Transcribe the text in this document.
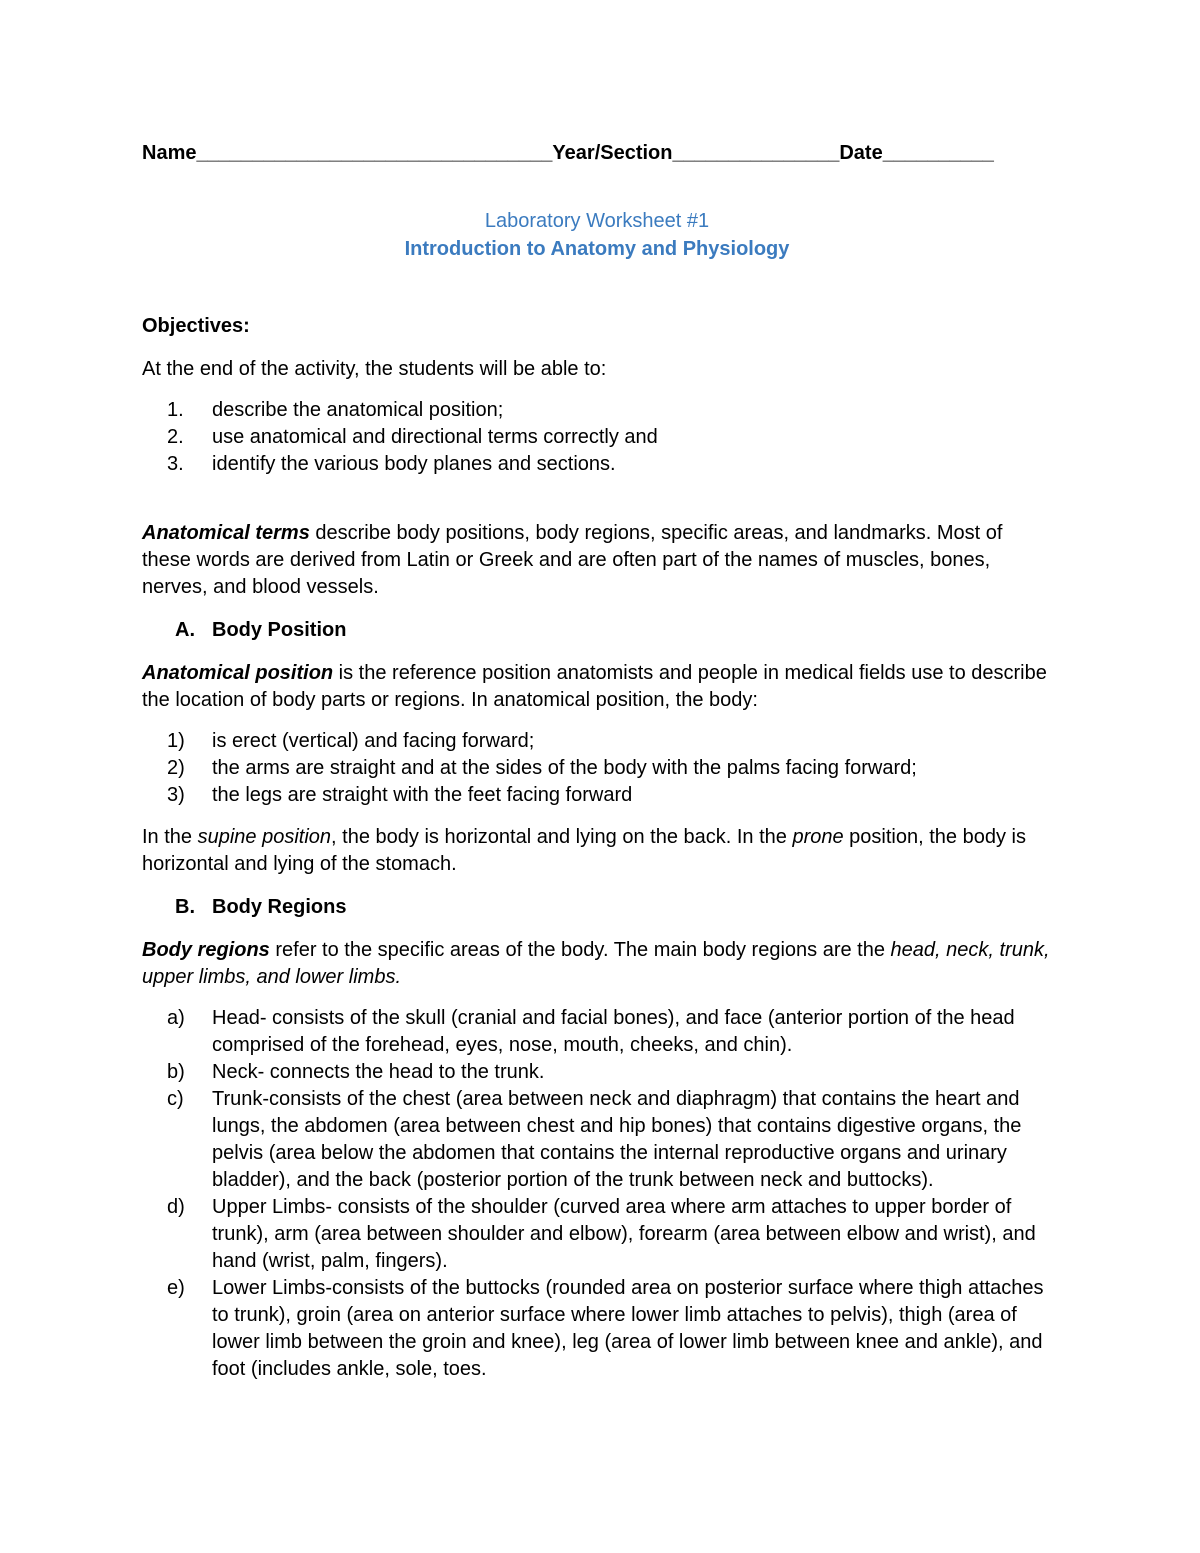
Name________________________________Year/Section_______________Date__________
Laboratory Worksheet #1
Introduction to Anatomy and Physiology

Objectives:

At the end of the activity, the students will be able to:

1. describe the anatomical position;
2. use anatomical and directional terms correctly and
3. identify the various body planes and sections.

Anatomical terms describe body positions, body regions, specific areas, and landmarks. Most of these words are derived from Latin or Greek and are often part of the names of muscles, bones, nerves, and blood vessels.

A. Body Position

Anatomical position is the reference position anatomists and people in medical fields use to describe the location of body parts or regions. In anatomical position, the body:

1) is erect (vertical) and facing forward;
2) the arms are straight and at the sides of the body with the palms facing forward;
3) the legs are straight with the feet facing forward

In the supine position, the body is horizontal and lying on the back. In the prone position, the body is horizontal and lying of the stomach.

B. Body Regions

Body regions refer to the specific areas of the body. The main body regions are the head, neck, trunk, upper limbs, and lower limbs.

a) Head- consists of the skull (cranial and facial bones), and face (anterior portion of the head comprised of the forehead, eyes, nose, mouth, cheeks, and chin).
b) Neck- connects the head to the trunk.
c) Trunk-consists of the chest (area between neck and diaphragm) that contains the heart and lungs, the abdomen (area between chest and hip bones) that contains digestive organs, the pelvis (area below the abdomen that contains the internal reproductive organs and urinary bladder), and the back (posterior portion of the trunk between neck and buttocks).
d) Upper Limbs- consists of the shoulder (curved area where arm attaches to upper border of trunk), arm (area between shoulder and elbow), forearm (area between elbow and wrist), and hand (wrist, palm, fingers).
e) Lower Limbs-consists of the buttocks (rounded area on posterior surface where thigh attaches to trunk), groin (area on anterior surface where lower limb attaches to pelvis), thigh (area of lower limb between the groin and knee), leg (area of lower limb between knee and ankle), and foot (includes ankle, sole, toes.
